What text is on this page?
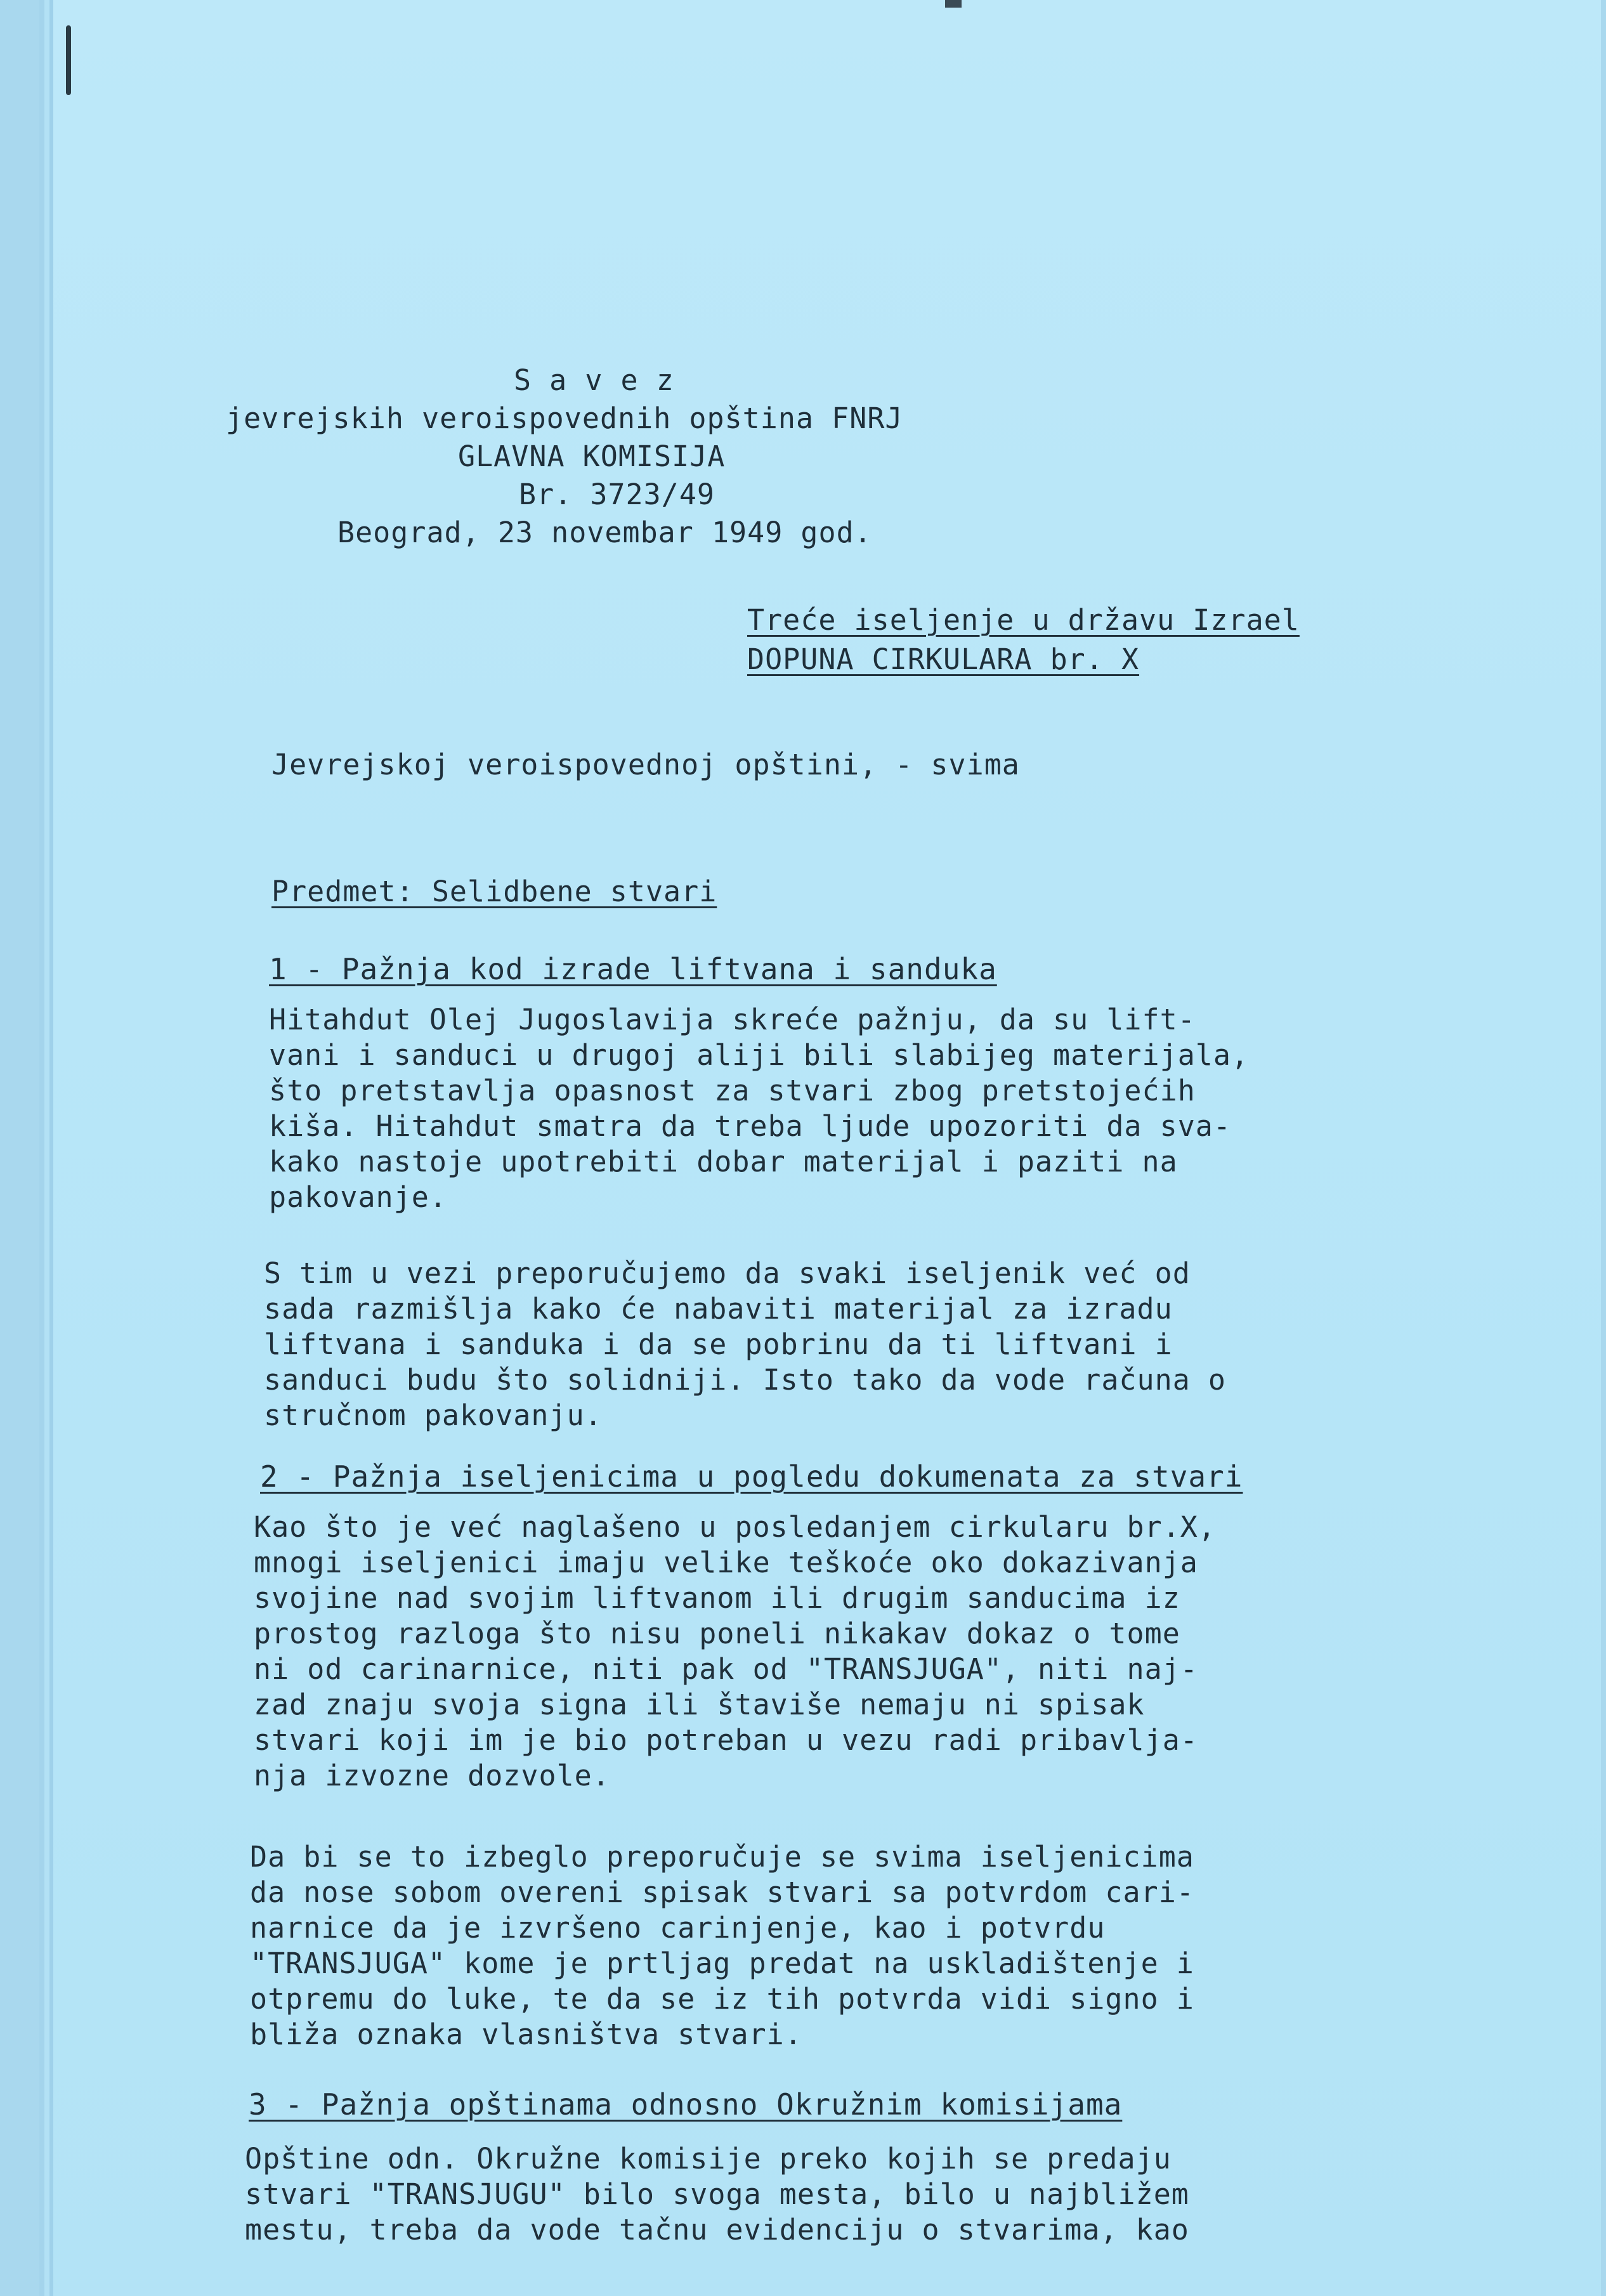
S a v e z
jevrejskih veroispovednih opština FNRJ
GLAVNA KOMISIJA
Br. 3723/49
Beograd, 23 novembar 1949 god.
Treće iseljenje u državu Izrael
DOPUNA CIRKULARA br. X
Jevrejskoj veroispovednoj opštini, - svima
Predmet: Selidbene stvari
1 - Pažnja kod izrade liftvana i sanduka
Hitahdut Olej Jugoslavija skreće pažnju, da su lift-
vani i sanduci u drugoj aliji bili slabijeg materijala,
što pretstavlja opasnost za stvari zbog pretstojećih
kiša. Hitahdut smatra da treba ljude upozoriti da sva-
kako nastoje upotrebiti dobar materijal i paziti na
pakovanje.
S tim u vezi preporučujemo da svaki iseljenik već od
sada razmišlja kako će nabaviti materijal za izradu
liftvana i sanduka i da se pobrinu da ti liftvani i
sanduci budu što solidniji. Isto tako da vode računa o
stručnom pakovanju.
2 - Pažnja iseljenicima u pogledu dokumenata za stvari
Kao što je već naglašeno u posledanjem cirkularu br.X,
mnogi iseljenici imaju velike teškoće oko dokazivanja
svojine nad svojim liftvanom ili drugim sanducima iz
prostog razloga što nisu poneli nikakav dokaz o tome
ni od carinarnice, niti pak od "TRANSJUGA", niti naj-
zad znaju svoja signa ili štaviše nemaju ni spisak
stvari koji im je bio potreban u vezu radi pribavlja-
nja izvozne dozvole.
Da bi se to izbeglo preporučuje se svima iseljenicima
da nose sobom overeni spisak stvari sa potvrdom cari-
narnice da je izvršeno carinjenje, kao i potvrdu
"TRANSJUGA" kome je prtljag predat na uskladištenje i
otpremu do luke, te da se iz tih potvrda vidi signo i
bliža oznaka vlasništva stvari.
3 - Pažnja opštinama odnosno Okružnim komisijama
Opštine odn. Okružne komisije preko kojih se predaju
stvari "TRANSJUGU" bilo svoga mesta, bilo u najbližem
mestu, treba da vode tačnu evidenciju o stvarima, kao
